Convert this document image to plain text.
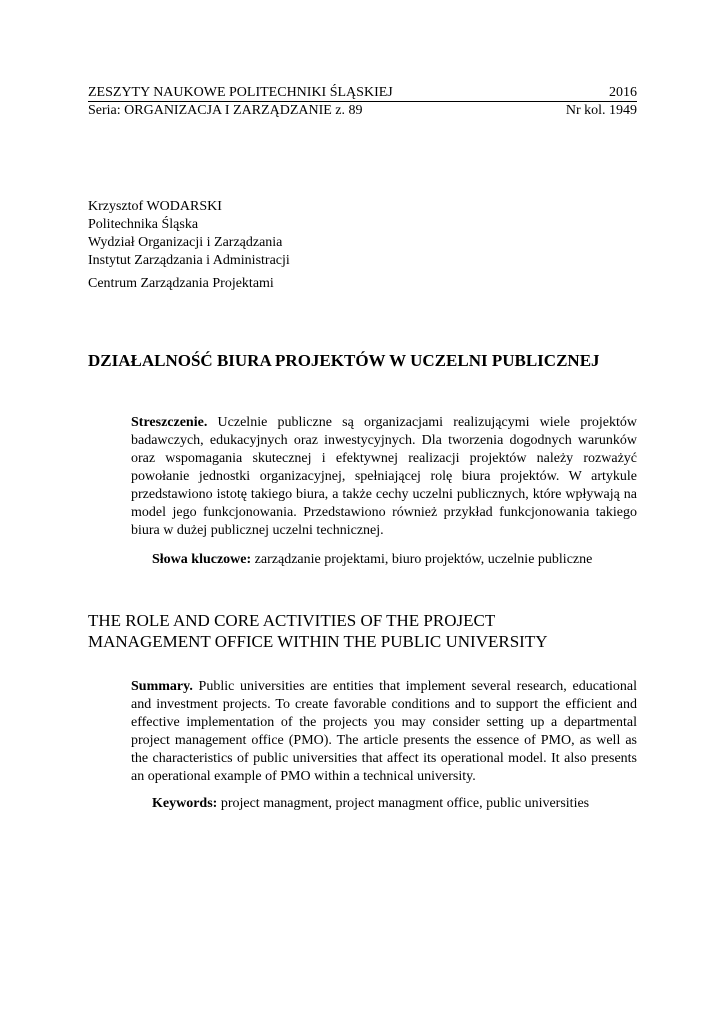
ZESZYTY NAUKOWE POLITECHNIKI ŚLĄSKIEJ	2016
Seria: ORGANIZACJA I ZARZĄDZANIE z. 89	Nr kol. 1949
Krzysztof WODARSKI
Politechnika Śląska
Wydział Organizacji i Zarządzania
Instytut Zarządzania i Administracji
Centrum Zarządzania Projektami
DZIAŁALNOŚĆ BIURA PROJEKTÓW W UCZELNI PUBLICZNEJ
Streszczenie. Uczelnie publiczne są organizacjami realizującymi wiele projektów badawczych, edukacyjnych oraz inwestycyjnych. Dla tworzenia dogodnych warunków oraz wspomagania skutecznej i efektywnej realizacji projektów należy rozważyć powołanie jednostki organizacyjnej, spełniającej rolę biura projektów. W artykule przedstawiono istotę takiego biura, a także cechy uczelni publicznych, które wpływają na model jego funkcjonowania. Przedstawiono również przykład funkcjonowania takiego biura w dużej publicznej uczelni technicznej.
Słowa kluczowe: zarządzanie projektami, biuro projektów, uczelnie publiczne
THE ROLE AND CORE ACTIVITIES OF THE PROJECT
MANAGEMENT OFFICE WITHIN THE PUBLIC UNIVERSITY
Summary. Public universities are entities that implement several research, educational and investment projects. To create favorable conditions and to support the efficient and effective implementation of the projects you may consider setting up a departmental project management office (PMO). The article presents the essence of PMO, as well as the characteristics of public universities that affect its operational model. It also presents an operational example of PMO within a technical university.
Keywords: project managment, project managment office, public universities
